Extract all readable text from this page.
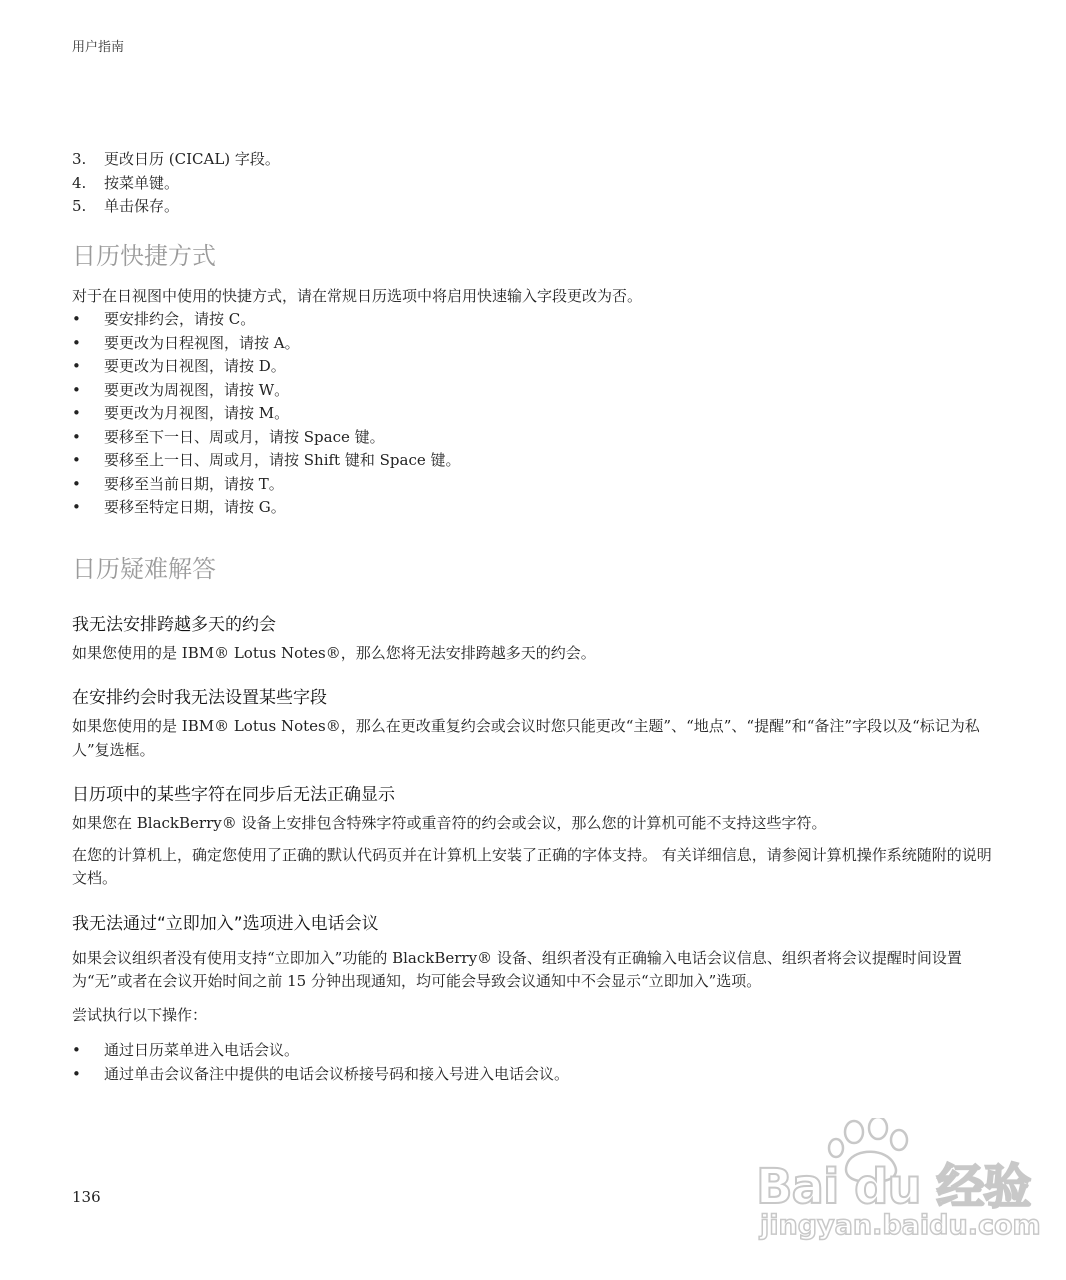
用户指南
3.	更改日历 (CICAL) 字段。
4.	按菜单键。
5.	单击保存。
日历快捷方式

对于在日视图中使用的快捷方式，请在常规日历选项中将启用快速输入字段更改为否。

•	要安排约会，请按 C。
•	要更改为日程视图，请按 A。
•	要更改为日视图，请按 D。
•	要更改为周视图，请按 W。
•	要更改为月视图，请按 M。
•	要移至下一日、周或月，请按 Space 键。
•	要移至上一日、周或月，请按 Shift 键和 Space 键。
•	要移至当前日期，请按 T。
•	要移至特定日期，请按 G。
日历疑难解答
我无法安排跨越多天的约会

如果您使用的是 IBM® Lotus Notes®，那么您将无法安排跨越多天的约会。

在安排约会时我无法设置某些字段

如果您使用的是 IBM® Lotus Notes®，那么在更改重复约会或会议时您只能更改“主题”、“地点”、“提醒”和“备注”字段以及“标记为私人”复选框。

日历项中的某些字符在同步后无法正确显示

如果您在 BlackBerry® 设备上安排包含特殊字符或重音符的约会或会议，那么您的计算机可能不支持这些字符。

在您的计算机上，确定您使用了正确的默认代码页并在计算机上安装了正确的字体支持。 有关详细信息，请参阅计算机操作系统随附的说明文档。

我无法通过“立即加入”选项进入电话会议

如果会议组织者没有使用支持“立即加入”功能的 BlackBerry® 设备、组织者没有正确输入电话会议信息、组织者将会议提醒时间设置为“无”或者在会议开始时间之前 15 分钟出现通知，均可能会导致会议通知中不会显示“立即加入”选项。

尝试执行以下操作：

•	通过日历菜单进入电话会议。
•	通过单击会议备注中提供的电话会议桥接号码和接入号进入电话会议。
136	Bai du 经验
jingyan.baidu.com
